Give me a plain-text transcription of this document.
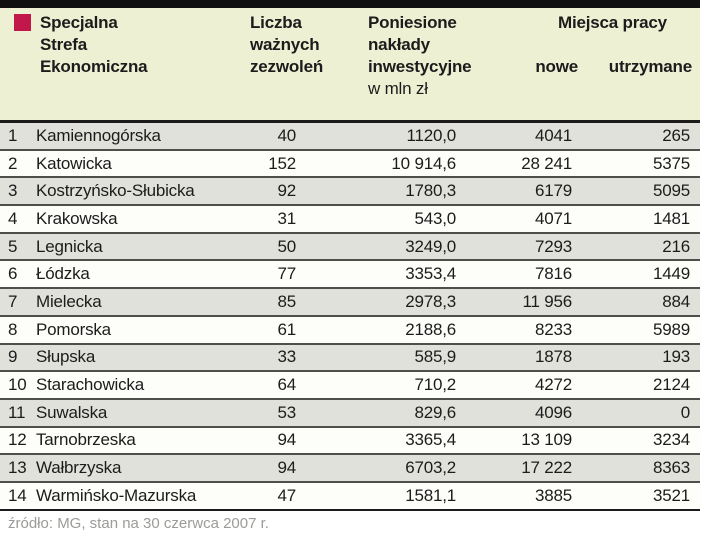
Specjalna
Strefa
Ekonomiczna
Liczba
ważnych
zezwoleń
Poniesione
nakłady
inwestycyjne
w mln zł
Miejsca pracy
nowe utrzymane
1	Kamiennogórska	40	1120,0	4041	265
2	Katowicka	152	10 914,6	28 241	5375
3	Kostrzyńsko-Słubicka	92	1780,3	6179	5095
4	Krakowska	31	543,0	4071	1481
5	Legnicka	50	3249,0	7293	216
6	Łódzka	77	3353,4	7816	1449
7	Mielecka	85	2978,3	11 956	884
8	Pomorska	61	2188,6	8233	5989
9	Słupska	33	585,9	1878	193
10 Starachowicka	64	710,2	4272	2124
11 Suwalska	53	829,6	4096	0
12 Tarnobrzeska	94	3365,4	13 109	3234
13 Wałbrzyska	94	6703,2	17 222	8363
14 Warmińsko-Mazurska	47	1581,1	3885	3521
źródło: MG, stan na 30 czerwca 2007 r.
